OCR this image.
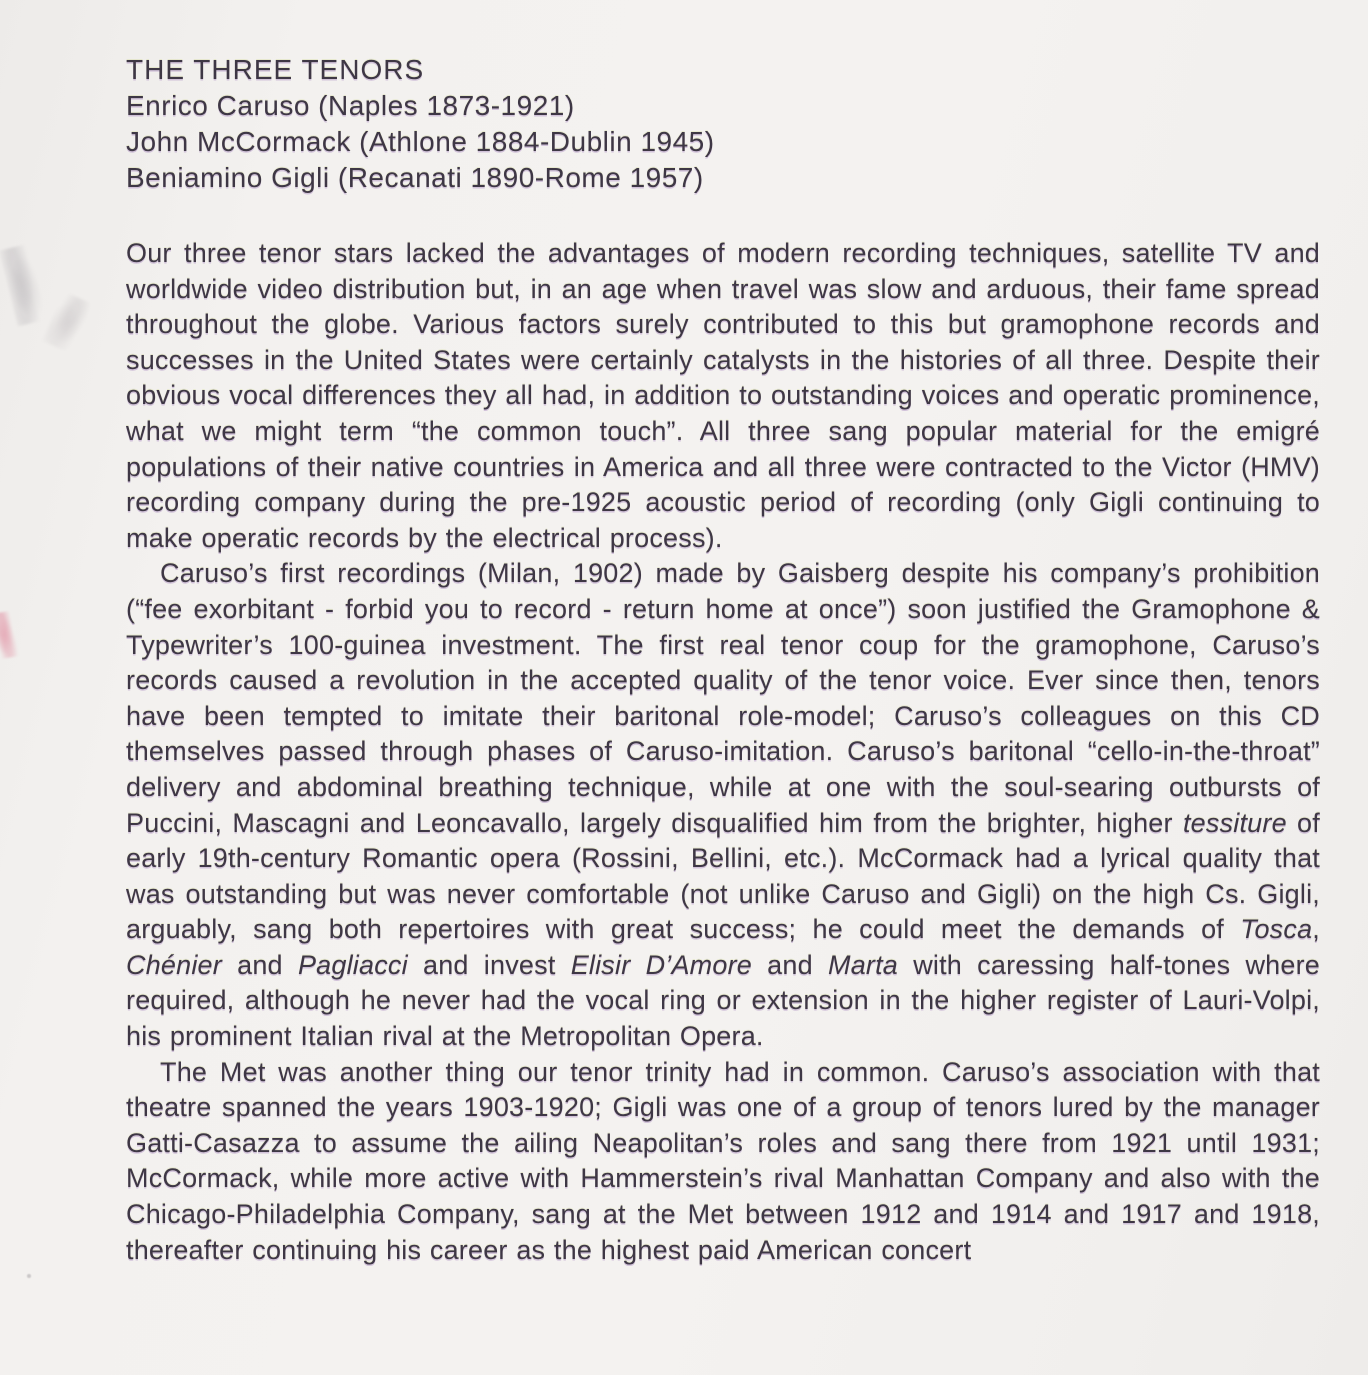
THE THREE TENORS
Enrico Caruso (Naples 1873-1921)
John McCormack (Athlone 1884-Dublin 1945)
Beniamino Gigli (Recanati 1890-Rome 1957)

Our three tenor stars lacked the advantages of modern recording techniques, satellite TV and worldwide video distribution but, in an age when travel was slow and arduous, their fame spread throughout the globe. Various factors surely contributed to this but gramophone records and successes in the United States were certainly catalysts in the histories of all three. Despite their obvious vocal differences they all had, in addition to outstanding voices and operatic prominence, what we might term “the common touch”. All three sang popular material for the emigré populations of their native countries in America and all three were contracted to the Victor (HMV) recording company during the pre-1925 acoustic period of recording (only Gigli continuing to make operatic records by the electrical process).

Caruso’s first recordings (Milan, 1902) made by Gaisberg despite his company’s prohibition (“fee exorbitant - forbid you to record - return home at once”) soon justified the Gramophone & Typewriter’s 100-guinea investment. The first real tenor coup for the gramophone, Caruso’s records caused a revolution in the accepted quality of the tenor voice. Ever since then, tenors have been tempted to imitate their baritonal role-model; Caruso’s colleagues on this CD themselves passed through phases of Caruso-imitation. Caruso’s baritonal “cello-in-the-throat” delivery and abdominal breathing technique, while at one with the soul-searing outbursts of Puccini, Mascagni and Leoncavallo, largely disqualified him from the brighter, higher tessiture of early 19th-century Romantic opera (Rossini, Bellini, etc.). McCormack had a lyrical quality that was outstanding but was never comfortable (not unlike Caruso and Gigli) on the high Cs. Gigli, arguably, sang both repertoires with great success; he could meet the demands of Tosca, Chénier and Pagliacci and invest Elisir D’Amore and Marta with caressing half-tones where required, although he never had the vocal ring or extension in the higher register of Lauri-Volpi, his prominent Italian rival at the Metropolitan Opera.

The Met was another thing our tenor trinity had in common. Caruso’s association with that theatre spanned the years 1903-1920; Gigli was one of a group of tenors lured by the manager Gatti-Casazza to assume the ailing Neapolitan’s roles and sang there from 1921 until 1931; McCormack, while more active with Hammerstein’s rival Manhattan Company and also with the Chicago-Philadelphia Company, sang at the Met between 1912 and 1914 and 1917 and 1918, thereafter continuing his career as the highest paid American concert
